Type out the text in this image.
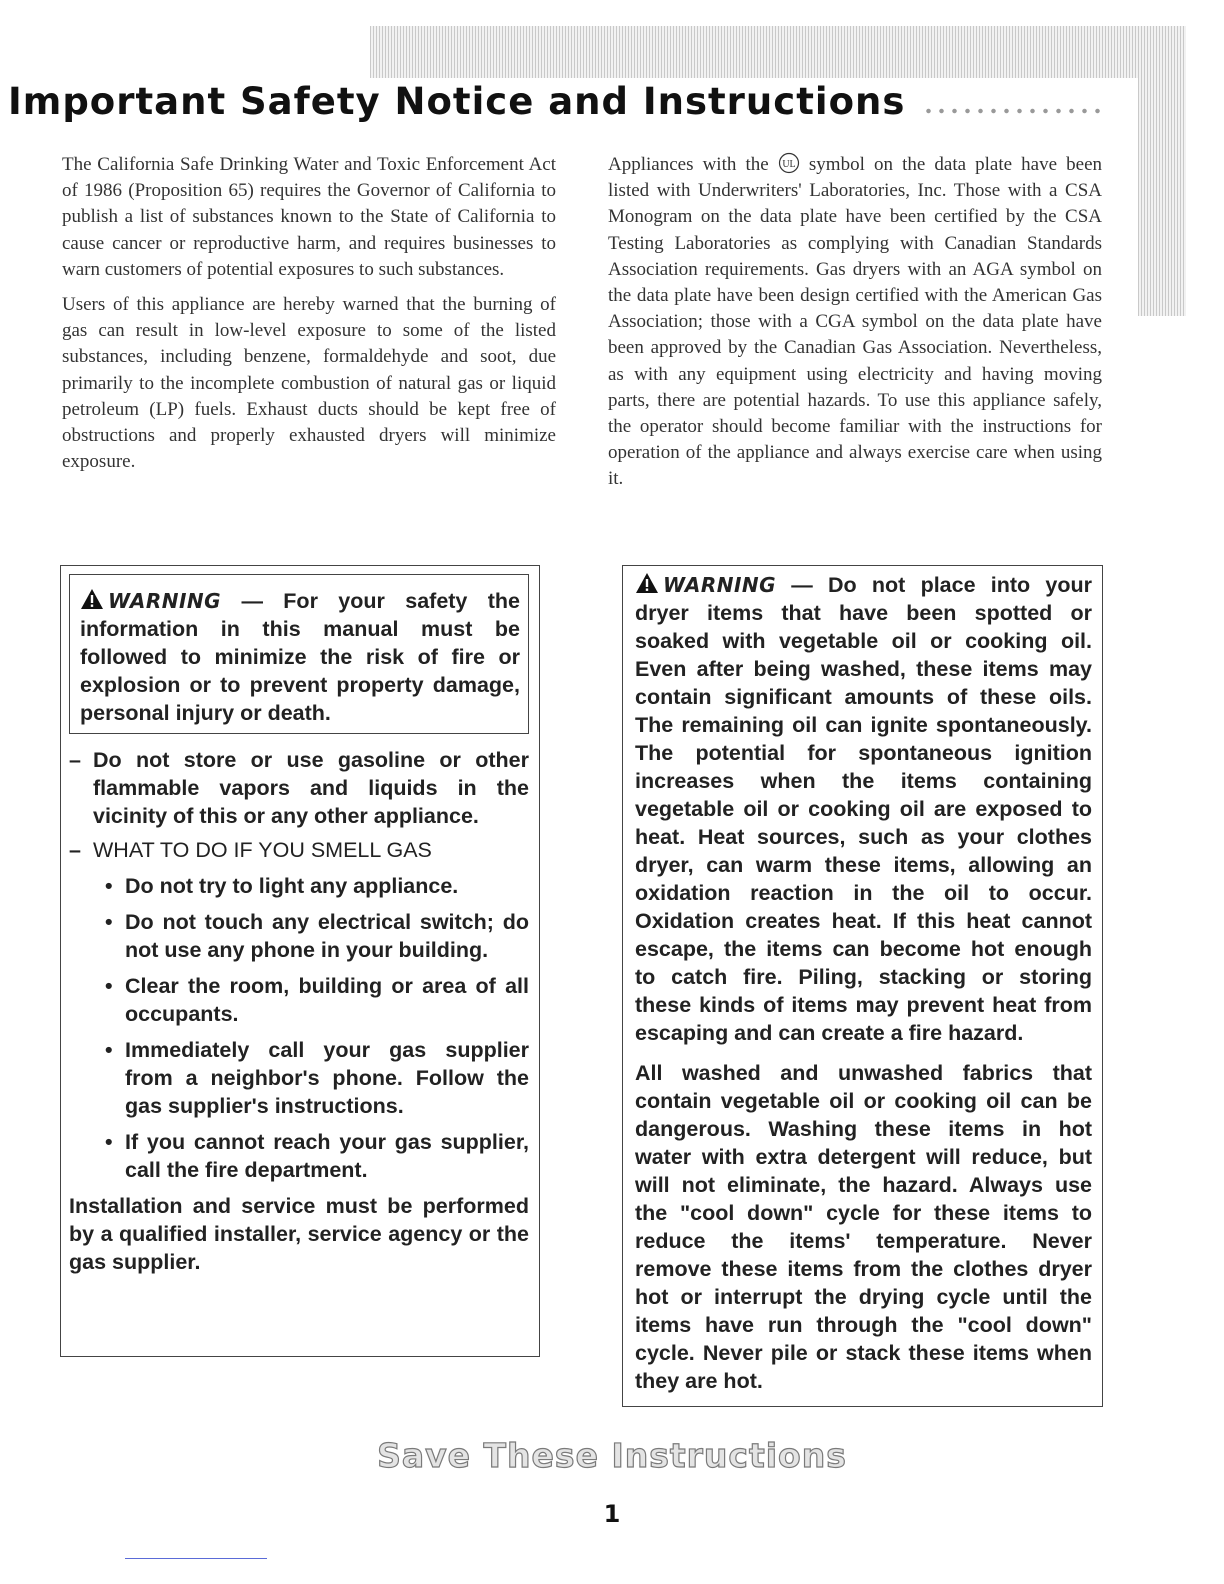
Important Safety Notice and Instructions

The California Safe Drinking Water and Toxic Enforcement Act of 1986 (Proposition 65) requires the Governor of California to publish a list of substances known to the State of California to cause cancer or reproductive harm, and requires businesses to warn customers of potential exposures to such substances.

Users of this appliance are hereby warned that the burning of gas can result in low-level exposure to some of the listed substances, including benzene, formaldehyde and soot, due primarily to the incomplete combustion of natural gas or liquid petroleum (LP) fuels. Exhaust ducts should be kept free of obstructions and properly exhausted dryers will minimize exposure.

Appliances with the UL symbol on the data plate have been listed with Underwriters' Laboratories, Inc. Those with a CSA Monogram on the data plate have been certified by the CSA Testing Laboratories as complying with Canadian Standards Association requirements. Gas dryers with an AGA symbol on the data plate have been design certified with the American Gas Association; those with a CGA symbol on the data plate have been approved by the Canadian Gas Association. Nevertheless, as with any equipment using electricity and having moving parts, there are potential hazards. To use this appliance safely, the operator should become familiar with the instructions for operation of the appliance and always exercise care when using it.

WARNING — For your safety the information in this manual must be followed to minimize the risk of fire or explosion or to prevent property damage, personal injury or death.
– Do not store or use gasoline or other flammable vapors and liquids in the vicinity of this or any other appliance.
– WHAT TO DO IF YOU SMELL GAS
• Do not try to light any appliance.
• Do not touch any electrical switch; do not use any phone in your building.
• Clear the room, building or area of all occupants.
• Immediately call your gas supplier from a neighbor's phone. Follow the gas supplier's instructions.
• If you cannot reach your gas supplier, call the fire department.
Installation and service must be performed by a qualified installer, service agency or the gas supplier.

WARNING — Do not place into your dryer items that have been spotted or soaked with vegetable oil or cooking oil. Even after being washed, these items may contain significant amounts of these oils. The remaining oil can ignite spontaneously. The potential for spontaneous ignition increases when the items containing vegetable oil or cooking oil are exposed to heat. Heat sources, such as your clothes dryer, can warm these items, allowing an oxidation reaction in the oil to occur. Oxidation creates heat. If this heat cannot escape, the items can become hot enough to catch fire. Piling, stacking or storing these kinds of items may prevent heat from escaping and can create a fire hazard.

All washed and unwashed fabrics that contain vegetable oil or cooking oil can be dangerous. Washing these items in hot water with extra detergent will reduce, but will not eliminate, the hazard. Always use the "cool down" cycle for these items to reduce the items' temperature. Never remove these items from the clothes dryer hot or interrupt the drying cycle until the items have run through the "cool down" cycle. Never pile or stack these items when they are hot.

Save These Instructions
1
